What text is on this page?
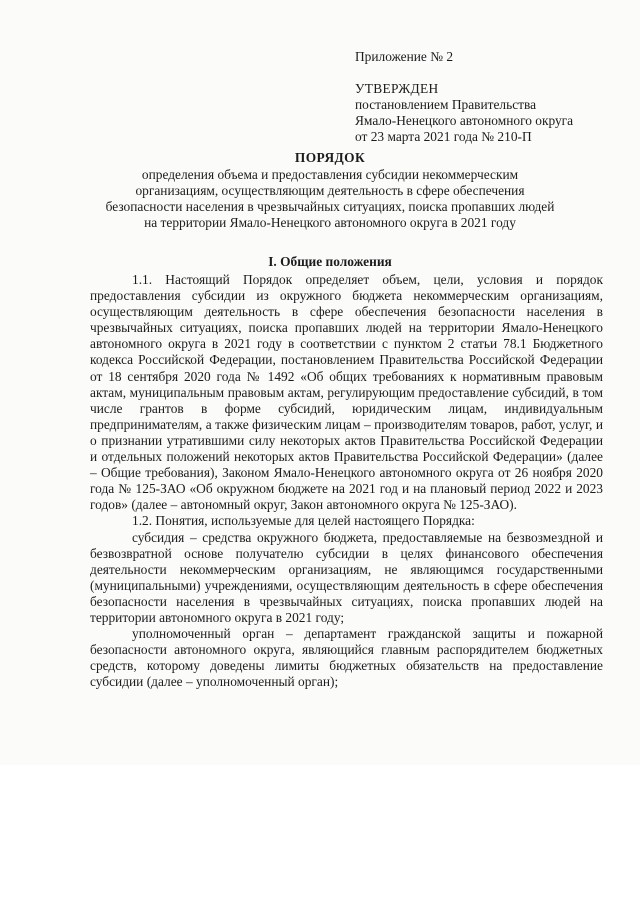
Приложение № 2
УТВЕРЖДЕН
постановлением Правительства
Ямало-Ненецкого автономного округа
от 23 марта 2021 года № 210-П
ПОРЯДОК
определения объема и предоставления субсидии некоммерческим организациям, осуществляющим деятельность в сфере обеспечения безопасности населения в чрезвычайных ситуациях, поиска пропавших людей на территории Ямало-Ненецкого автономного округа в 2021 году
I. Общие положения

1.1. Настоящий Порядок определяет объем, цели, условия и порядок предоставления субсидии из окружного бюджета некоммерческим организациям, осуществляющим деятельность в сфере обеспечения безопасности населения в чрезвычайных ситуациях, поиска пропавших людей на территории Ямало-Ненецкого автономного округа в 2021 году в соответствии с пунктом 2 статьи 78.1 Бюджетного кодекса Российской Федерации, постановлением Правительства Российской Федерации от 18 сентября 2020 года № 1492 «Об общих требованиях к нормативным правовым актам, муниципальным правовым актам, регулирующим предоставление субсидий, в том числе грантов в форме субсидий, юридическим лицам, индивидуальным предпринимателям, а также физическим лицам – производителям товаров, работ, услуг, и о признании утратившими силу некоторых актов Правительства Российской Федерации и отдельных положений некоторых актов Правительства Российской Федерации» (далее – Общие требования), Законом Ямало-Ненецкого автономного округа от 26 ноября 2020 года № 125-ЗАО «Об окружном бюджете на 2021 год и на плановый период 2022 и 2023 годов» (далее – автономный округ, Закон автономного округа № 125-ЗАО).

1.2. Понятия, используемые для целей настоящего Порядка:

субсидия – средства окружного бюджета, предоставляемые на безвозмездной и безвозвратной основе получателю субсидии в целях финансового обеспечения деятельности некоммерческим организациям, не являющимся государственными (муниципальными) учреждениями, осуществляющим деятельность в сфере обеспечения безопасности населения в чрезвычайных ситуациях, поиска пропавших людей на территории автономного округа в 2021 году;

уполномоченный орган – департамент гражданской защиты и пожарной безопасности автономного округа, являющийся главным распорядителем бюджетных средств, которому доведены лимиты бюджетных обязательств на предоставление субсидии (далее – уполномоченный орган);
